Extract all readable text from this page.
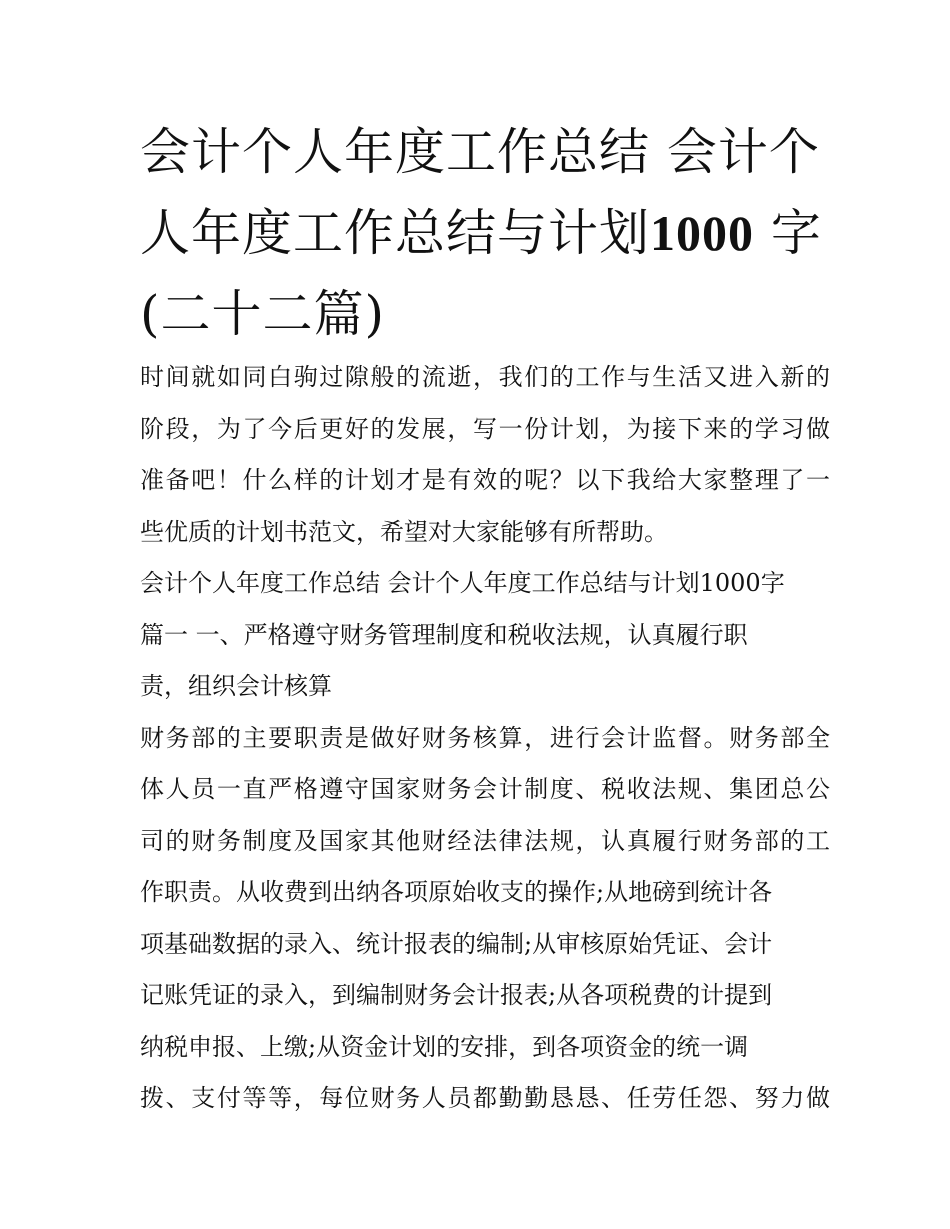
会计个人年度工作总结 会计个
人年度工作总结与计划1000 字
(二十二篇)
时间就如同白驹过隙般的流逝，我们的工作与生活又进入新的
阶段，为了今后更好的发展，写一份计划，为接下来的学习做
准备吧！什么样的计划才是有效的呢？以下我给大家整理了一
些优质的计划书范文，希望对大家能够有所帮助。
会计个人年度工作总结 会计个人年度工作总结与计划1000字
篇一 一、严格遵守财务管理制度和税收法规，认真履行职
责，组织会计核算
财务部的主要职责是做好财务核算，进行会计监督。财务部全
体人员一直严格遵守国家财务会计制度、税收法规、集团总公
司的财务制度及国家其他财经法律法规，认真履行财务部的工
作职责。从收费到出纳各项原始收支的操作;从地磅到统计各
项基础数据的录入、统计报表的编制;从审核原始凭证、会计
记账凭证的录入，到编制财务会计报表;从各项税费的计提到
纳税申报、上缴;从资金计划的安排，到各项资金的统一调
拨、支付等等，每位财务人员都勤勤恳恳、任劳任怨、努力做
